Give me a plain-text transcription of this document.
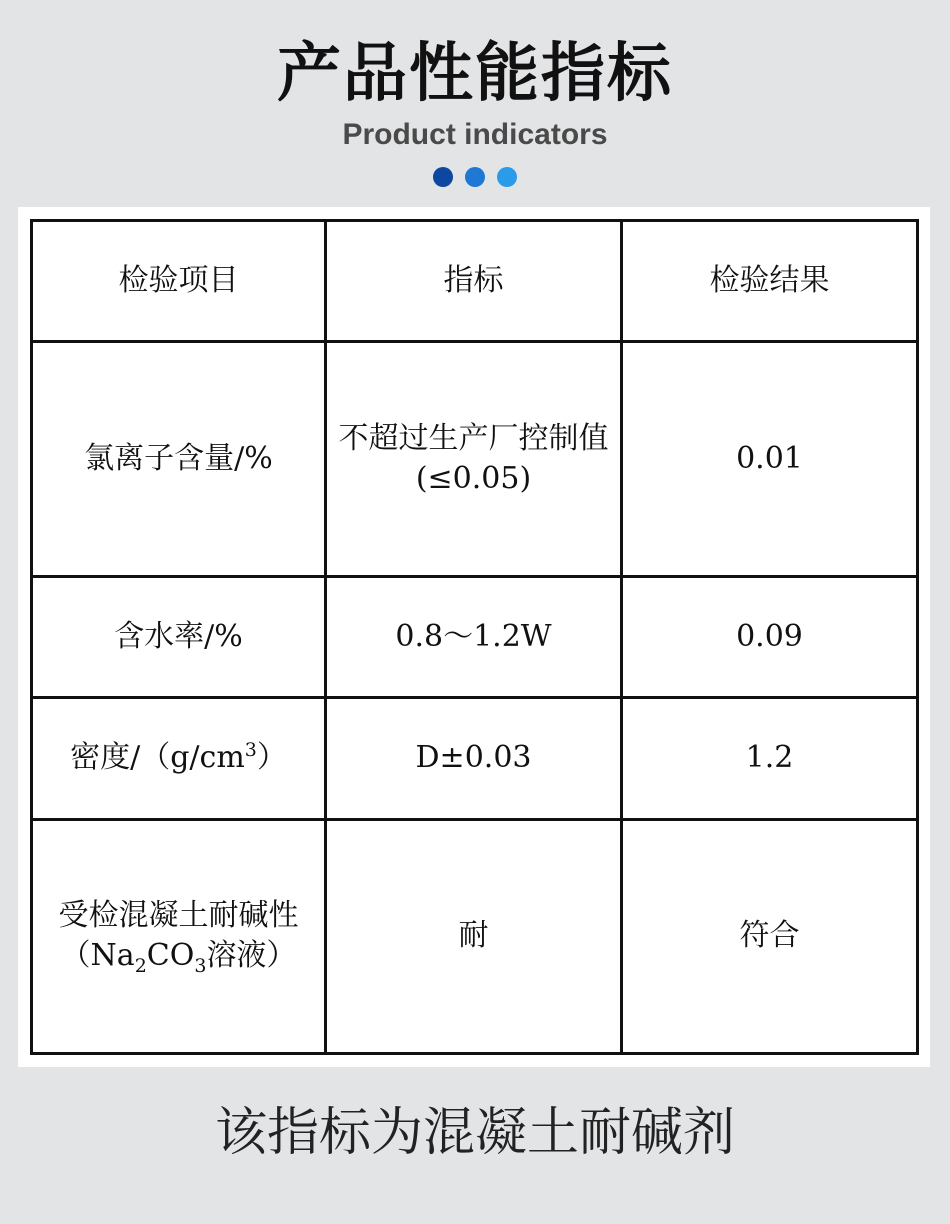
产品性能指标
Product indicators

检验项目	指标	检验结果
氯离子含量/%	不超过生产厂控制值(≤0.05)	0.01
含水率/%	0.8～1.2W	0.09
密度$/(g/cm^3)$	D±0.03	1.2
受检混凝土耐碱性
（$Na_2CO_3$溶液）	耐	符合
该指标为混凝土耐碱剂
